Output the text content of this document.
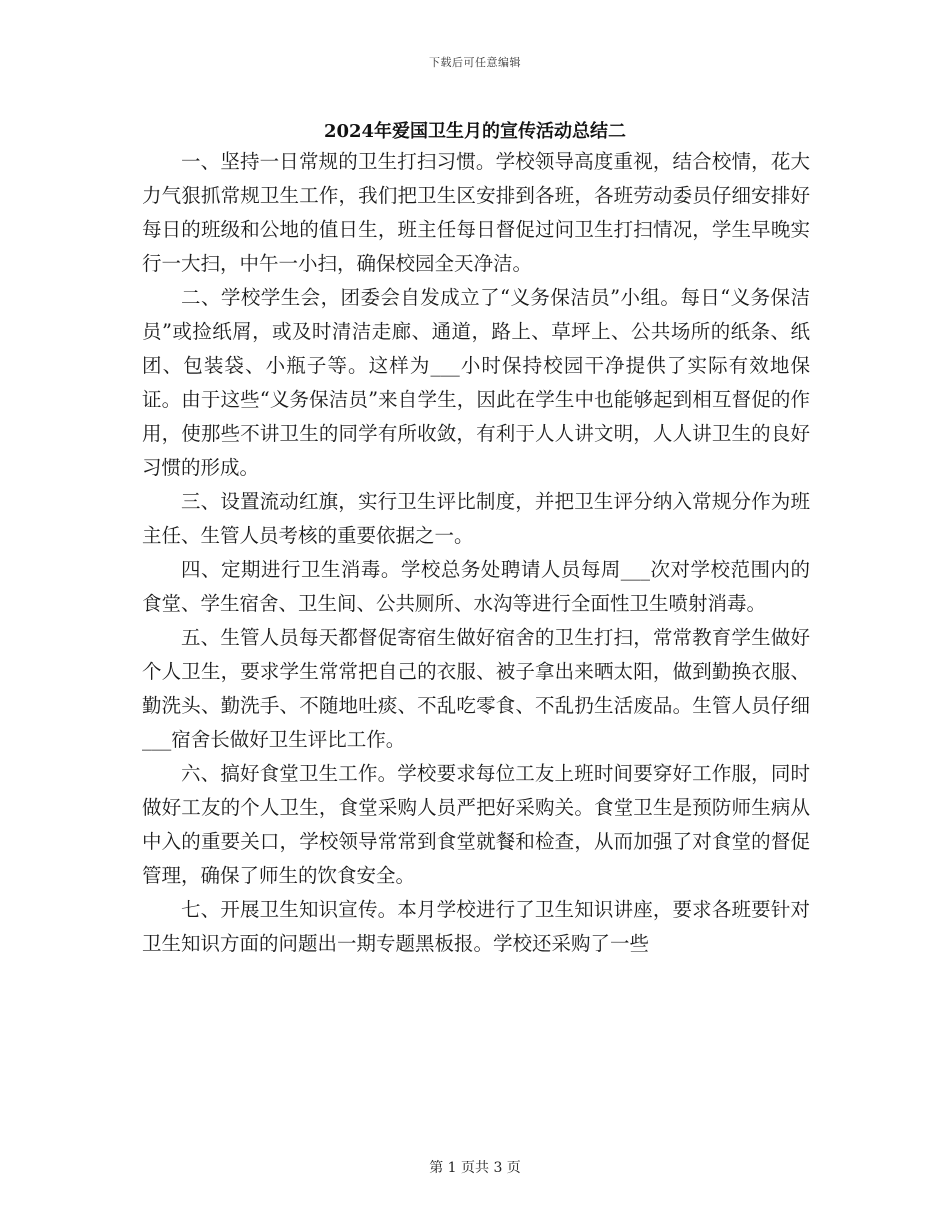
下载后可任意编辑
2024年爱国卫生月的宣传活动总结二

一、坚持一日常规的卫生打扫习惯。学校领导高度重视，结合校情，花大力气狠抓常规卫生工作，我们把卫生区安排到各班，各班劳动委员仔细安排好每日的班级和公地的值日生，班主任每日督促过问卫生打扫情况，学生早晚实行一大扫，中午一小扫，确保校园全天净洁。

二、学校学生会，团委会自发成立了“义务保洁员”小组。每日“义务保洁员”或捡纸屑，或及时清洁走廊、通道，路上、草坪上、公共场所的纸条、纸团、包装袋、小瓶子等。这样为___小时保持校园干净提供了实际有效地保证。由于这些“义务保洁员”来自学生，因此在学生中也能够起到相互督促的作用，使那些不讲卫生的同学有所收敛，有利于人人讲文明，人人讲卫生的良好习惯的形成。

三、设置流动红旗，实行卫生评比制度，并把卫生评分纳入常规分作为班主任、生管人员考核的重要依据之一。

四、定期进行卫生消毒。学校总务处聘请人员每周___次对学校范围内的食堂、学生宿舍、卫生间、公共厕所、水沟等进行全面性卫生喷射消毒。

五、生管人员每天都督促寄宿生做好宿舍的卫生打扫，常常教育学生做好个人卫生，要求学生常常把自己的衣服、被子拿出来晒太阳，做到勤换衣服、勤洗头、勤洗手、不随地吐痰、不乱吃零食、不乱扔生活废品。生管人员仔细___宿舍长做好卫生评比工作。

六、搞好食堂卫生工作。学校要求每位工友上班时间要穿好工作服，同时做好工友的个人卫生，食堂采购人员严把好采购关。食堂卫生是预防师生病从中入的重要关口，学校领导常常到食堂就餐和检查，从而加强了对食堂的督促管理，确保了师生的饮食安全。

七、开展卫生知识宣传。本月学校进行了卫生知识讲座，要求各班要针对卫生知识方面的问题出一期专题黑板报。学校还采购了一些

第 1 页共 3 页
